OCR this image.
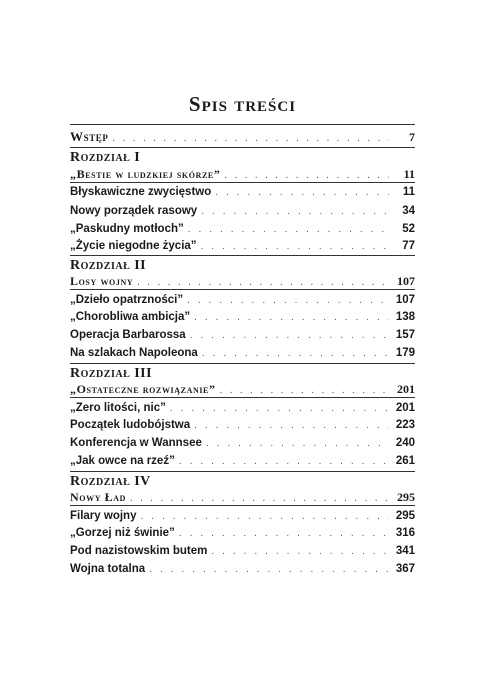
Spis treści
Wstęp . . .	7
Rozdział I
„Bestie w ludzkiej skórze” . . .	11
Błyskawiczne zwycięstwo . . .	11
Nowy porządek rasowy . . .	34
„Paskudny motłoch” . . .	52
„Życie niegodne życia” . . .	77
Rozdział II
Losy wojny . . .	107
„Dzieło opatrzności” . . .	107
„Chorobliwa ambicja” . . .	138
Operacja Barbarossa . . .	157
Na szlakach Napoleona . . .	179
Rozdział III
„Ostateczne rozwiązanie” . . .	201
„Zero litości, nic” . . .	201
Początek ludobójstwa . . .	223
Konferencja w Wannsee . . .	240
„Jak owce na rzeź” . . .	261
Rozdział IV
Nowy Ład . . .	295
Filary wojny . . .	295
„Gorzej niż świnie” . . .	316
Pod nazistowskim butem . . .	341
Wojna totalna . . .	367
